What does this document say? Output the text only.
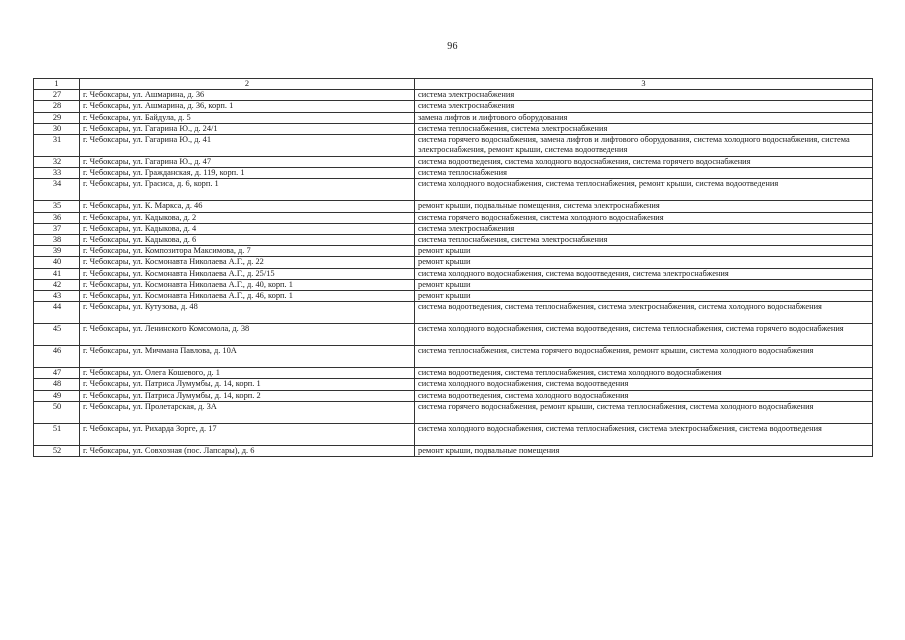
96
1	2	3
27	г. Чебоксары, ул. Ашмарина, д. 36	система электроснабжения
28	г. Чебоксары, ул. Ашмарина, д. 36, корп. 1	система электроснабжения
29	г. Чебоксары, ул. Байдула, д. 5	замена лифтов и лифтового оборудования
30	г. Чебоксары, ул. Гагарина Ю., д. 24/1	система теплоснабжения, система электроснабжения
31	г. Чебоксары, ул. Гагарина Ю., д. 41	система горячего водоснабжения, замена лифтов и лифтового оборудования, система холодного водоснабжения, система электроснабжения, ремонт крыши, система водоотведения
32	г. Чебоксары, ул. Гагарина Ю., д. 47	система водоотведения, система холодного водоснабжения, система горячего водоснабжения
33	г. Чебоксары, ул. Гражданская, д. 119, корп. 1	система теплоснабжения
34	г. Чебоксары, ул. Грасиса, д. 6, корп. 1	система холодного водоснабжения, система теплоснабжения, ремонт крыши, система водоотведения
35	г. Чебоксары, ул. К. Маркса, д. 46	ремонт крыши, подвальные помещения, система электроснабжения
36	г. Чебоксары, ул. Кадыкова, д. 2	система горячего водоснабжения, система холодного водоснабжения
37	г. Чебоксары, ул. Кадыкова, д. 4	система электроснабжения
38	г. Чебоксары, ул. Кадыкова, д. 6	система теплоснабжения, система электроснабжения
39	г. Чебоксары, ул. Композитора Максимова, д. 7	ремонт крыши
40	г. Чебоксары, ул. Космонавта Николаева А.Г., д. 22	ремонт крыши
41	г. Чебоксары, ул. Космонавта Николаева А.Г., д. 25/15	система холодного водоснабжения, система водоотведения, система электроснабжения
42	г. Чебоксары, ул. Космонавта Николаева А.Г., д. 40, корп. 1	ремонт крыши
43	г. Чебоксары, ул. Космонавта Николаева А.Г., д. 46, корп. 1	ремонт крыши
44	г. Чебоксары, ул. Кутузова, д. 48	система водоотведения, система теплоснабжения, система электроснабжения, система холодного водоснабжения
45	г. Чебоксары, ул. Ленинского Комсомола, д. 38	система холодного водоснабжения, система водоотведения, система теплоснабжения, система горячего водоснабжения
46	г. Чебоксары, ул. Мичмана Павлова, д. 10А	система теплоснабжения, система горячего водоснабжения, ремонт крыши, система холодного водоснабжения
47	г. Чебоксары, ул. Олега Кошевого, д. 1	система водоотведения, система теплоснабжения, система холодного водоснабжения
48	г. Чебоксары, ул. Патриса Лумумбы, д. 14, корп. 1	система холодного водоснабжения, система водоотведения
49	г. Чебоксары, ул. Патриса Лумумбы, д. 14, корп. 2	система водоотведения, система холодного водоснабжения
50	г. Чебоксары, ул. Пролетарская, д. 3А	система горячего водоснабжения, ремонт крыши, система теплоснабжения, система холодного водоснабжения
51	г. Чебоксары, ул. Рихарда Зорге, д. 17	система холодного водоснабжения, система теплоснабжения, система электроснабжения, система водоотведения
52	г. Чебоксары, ул. Совхозная (пос. Лапсары), д. 6	ремонт крыши, подвальные помещения
